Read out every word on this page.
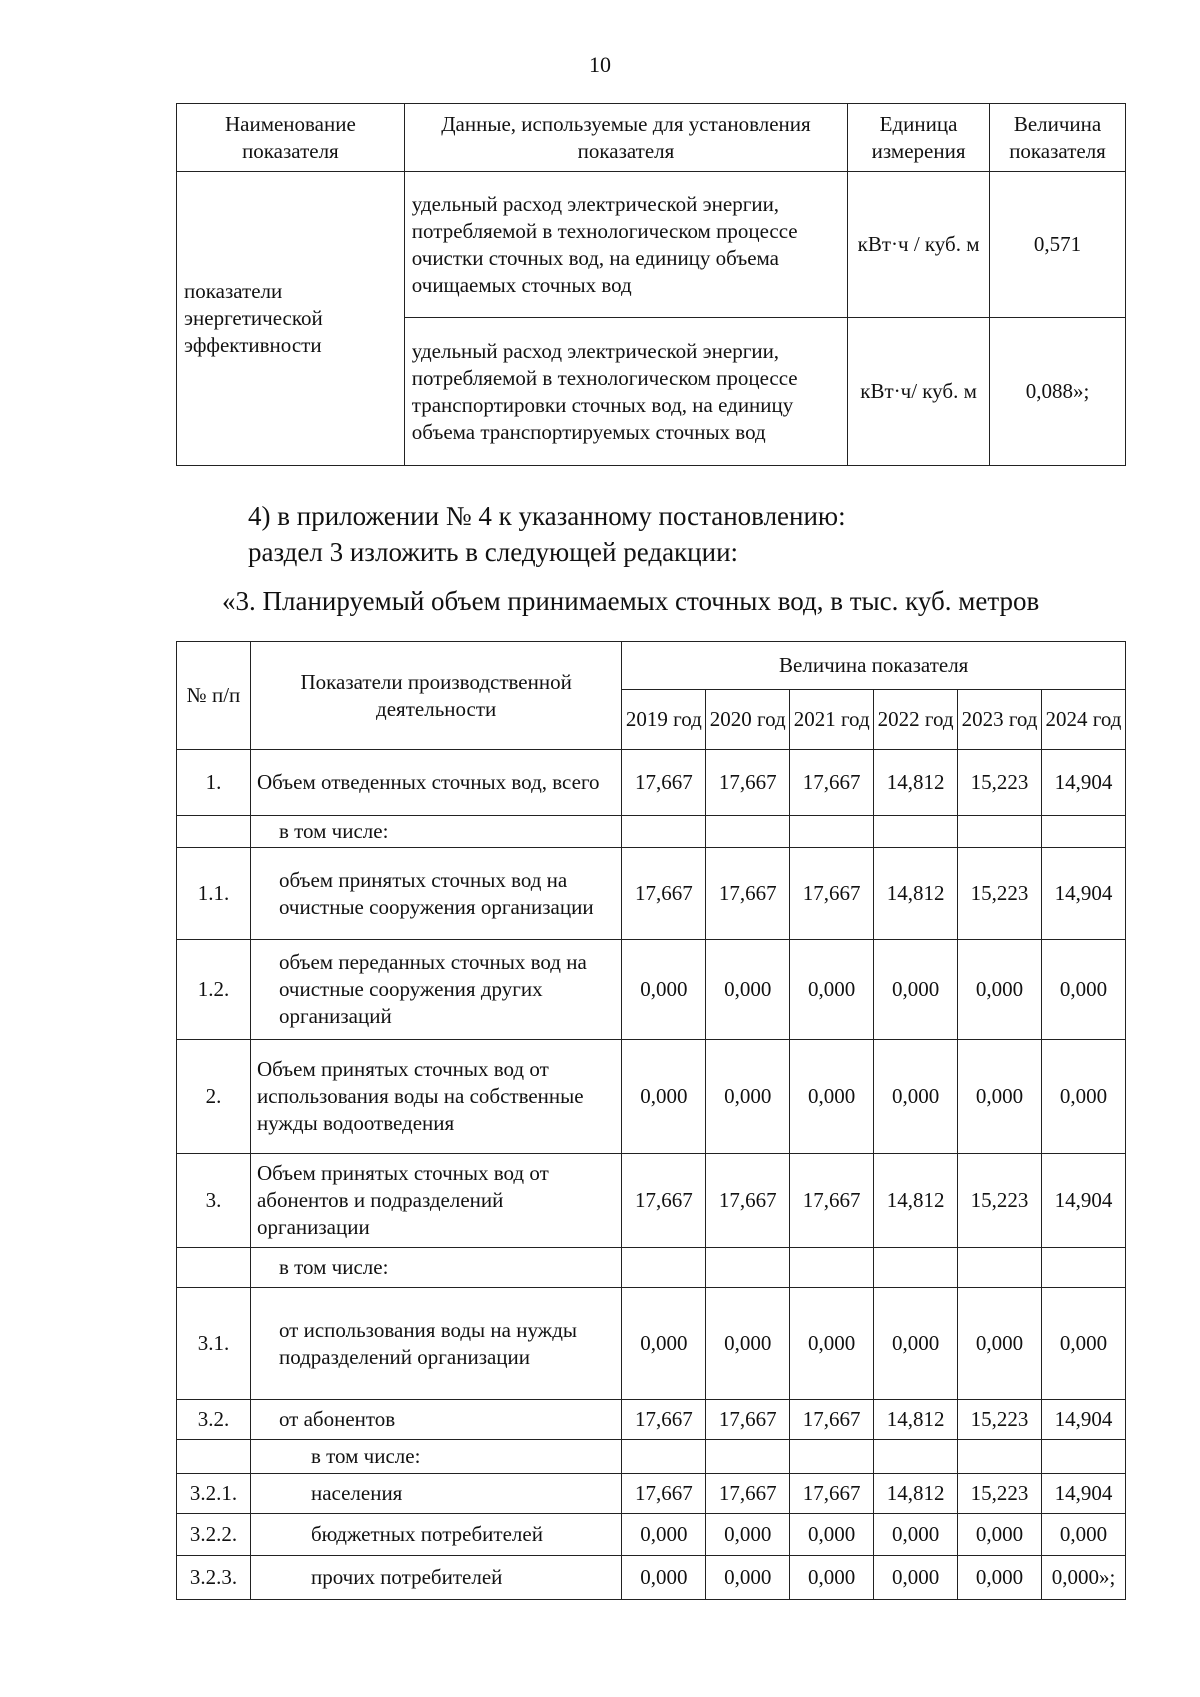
10
Наименование показателя	Данные, используемые для установления показателя	Единица измерения	Величина показателя
показатели энергетической эффективности	удельный расход электрической энергии, потребляемой в технологическом процессе очистки сточных вод, на единицу объема очищаемых сточных вод	кВт·ч / куб. м	0,571
	удельный расход электрической энергии, потребляемой в технологическом процессе транспортировки сточных вод, на единицу объема транспортируемых сточных вод	кВт·ч/ куб. м	0,088»;
4) в приложении № 4 к указанному постановлению:
раздел 3 изложить в следующей редакции:
«3. Планируемый объем принимаемых сточных вод, в тыс. куб. метров
№ п/п	Показатели производственной деятельности	Величина показателя					
		2019 год	2020 год	2021 год	2022 год	2023 год	2024 год
1.	Объем отведенных сточных вод, всего	17,667	17,667	17,667	14,812	15,223	14,904
	в том числе:						
1.1.	объем принятых сточных вод на очистные сооружения организации	17,667	17,667	17,667	14,812	15,223	14,904
1.2.	объем переданных сточных вод на очистные сооружения других организаций	0,000	0,000	0,000	0,000	0,000	0,000
2.	Объем принятых сточных вод от использования воды на собственные нужды водоотведения	0,000	0,000	0,000	0,000	0,000	0,000
3.	Объем принятых сточных вод от абонентов и подразделений организации	17,667	17,667	17,667	14,812	15,223	14,904
	в том числе:						
3.1.	от использования воды на нужды подразделений организации	0,000	0,000	0,000	0,000	0,000	0,000
3.2.	от абонентов	17,667	17,667	17,667	14,812	15,223	14,904
	в том числе:						
3.2.1.	населения	17,667	17,667	17,667	14,812	15,223	14,904
3.2.2.	бюджетных потребителей	0,000	0,000	0,000	0,000	0,000	0,000
3.2.3.	прочих потребителей	0,000	0,000	0,000	0,000	0,000	0,000»;
